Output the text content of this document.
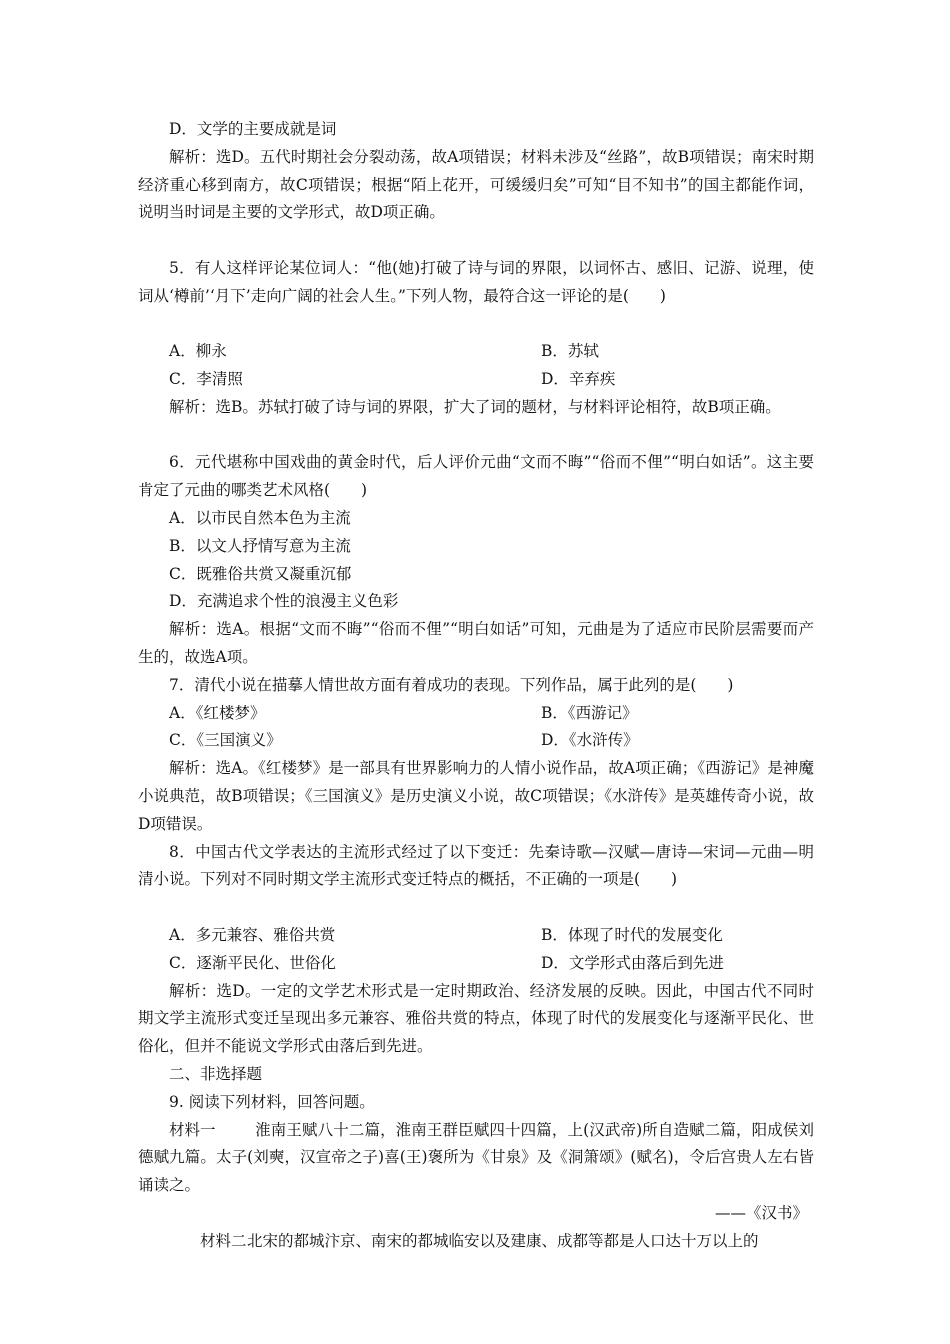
D．文学的主要成就是词
解析：选D。五代时期社会分裂动荡，故A项错误；材料未涉及“丝路”，故B项错误；南宋时期经济重心移到南方，故C项错误；根据“陌上花开，可缓缓归矣”可知“目不知书”的国主都能作词，说明当时词是主要的文学形式，故D项正确。
5．有人这样评论某位词人：“他(她)打破了诗与词的界限，以词怀古、感旧、记游、说理，使词从‘樽前’‘月下’走向广阔的社会人生。”下列人物，最符合这一评论的是(　　)
A．柳永	B．苏轼
C．李清照	D．辛弃疾
解析：选B。苏轼打破了诗与词的界限，扩大了词的题材，与材料评论相符，故B项正确。
6．元代堪称中国戏曲的黄金时代，后人评价元曲“文而不晦”“俗而不俚”“明白如话”。这主要肯定了元曲的哪类艺术风格(　　)
A．以市民自然本色为主流
B．以文人抒情写意为主流
C．既雅俗共赏又凝重沉郁
D．充满追求个性的浪漫主义色彩
解析：选A。根据“文而不晦”“俗而不俚”“明白如话”可知，元曲是为了适应市民阶层需要而产生的，故选A项。
7．清代小说在描摹人情世故方面有着成功的表现。下列作品，属于此列的是(　　)
A．《红楼梦》	B．《西游记》
C．《三国演义》	D．《水浒传》
解析：选A。《红楼梦》是一部具有世界影响力的人情小说作品，故A项正确；《西游记》是神魔小说典范，故B项错误；《三国演义》是历史演义小说，故C项错误；《水浒传》是英雄传奇小说，故D项错误。
8．中国古代文学表达的主流形式经过了以下变迁：先秦诗歌—汉赋—唐诗—宋词—元曲—明清小说。下列对不同时期文学主流形式变迁特点的概括，不正确的一项是(　　)
A．多元兼容、雅俗共赏	B．体现了时代的发展变化
C．逐渐平民化、世俗化	D．文学形式由落后到先进
解析：选D。一定的文学艺术形式是一定时期政治、经济发展的反映。因此，中国古代不同时期文学主流形式变迁呈现出多元兼容、雅俗共赏的特点，体现了时代的发展变化与逐渐平民化、世俗化，但并不能说文学形式由落后到先进。
二、非选择题
9. 阅读下列材料，回答问题。
材料一	淮南王赋八十二篇，淮南王群臣赋四十四篇，上(汉武帝)所自造赋二篇，阳成侯刘德赋九篇。太子(刘奭，汉宣帝之子)喜(王)褒所为《甘泉》及《洞箫颂》(赋名)，令后宫贵人左右皆诵读之。
——《汉书》
材料二北宋的都城汴京、南宋的都城临安以及建康、成都等都是人口达十万以上的
